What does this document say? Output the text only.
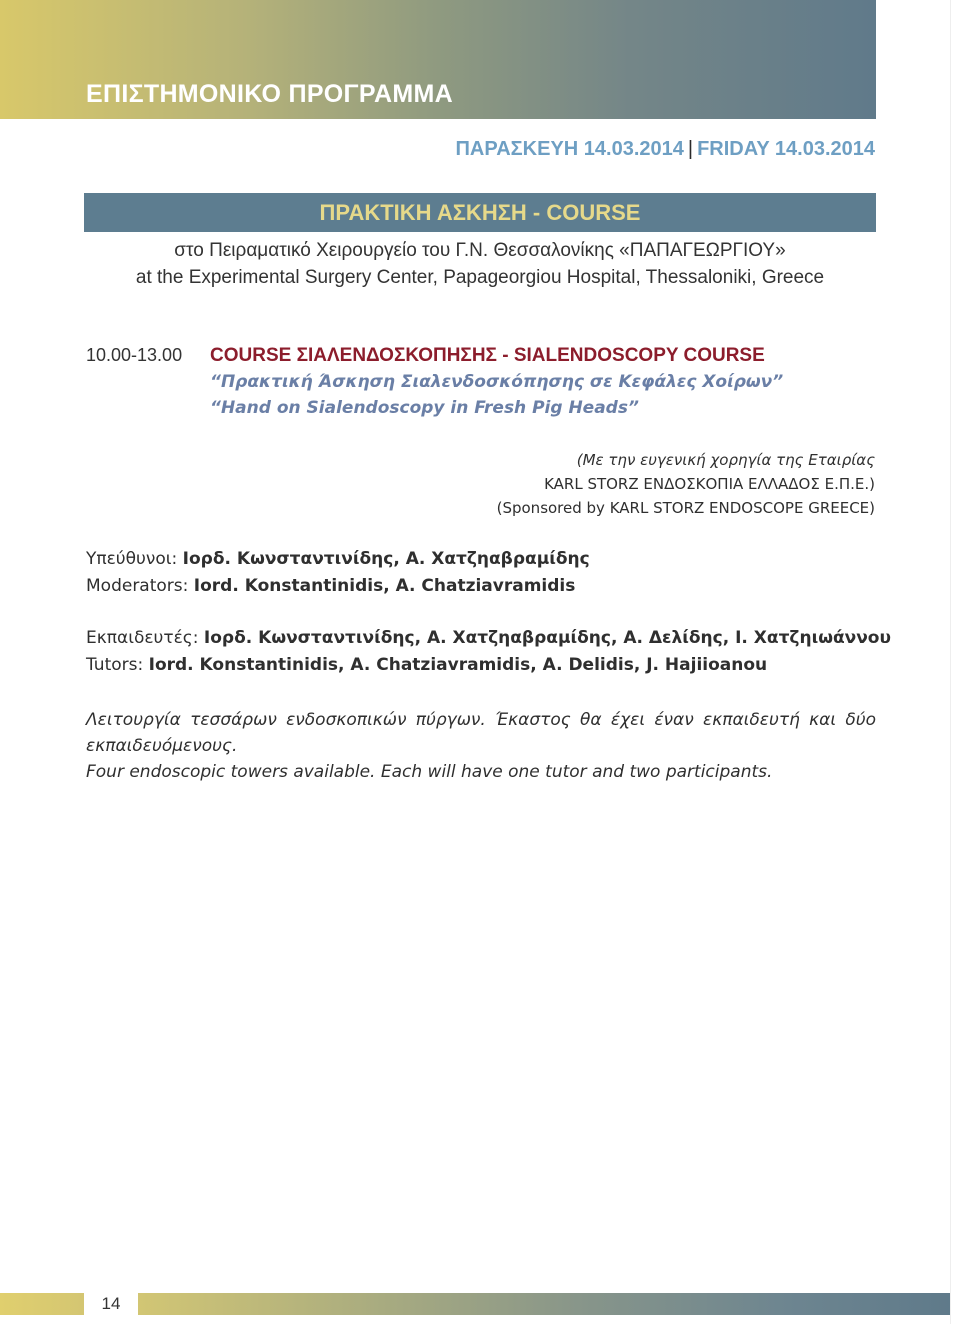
ΕΠΙΣΤΗΜΟΝΙΚΟ ΠΡΟΓΡΑΜΜΑ
ΠΑΡΑΣΚΕΥΗ 14.03.2014 | FRIDAY 14.03.2014
ΠΡΑΚΤΙΚΗ ΑΣΚΗΣΗ - COURSE
στο Πειραματικό Χειρουργείο του Γ.Ν. Θεσσαλονίκης «ΠΑΠΑΓΕΩΡΓΙΟΥ»
at the Experimental Surgery Center, Papageorgiou Hospital, Thessaloniki, Greece
10.00-13.00 COURSE ΣΙΑΛΕΝΔΟΣΚΟΠΗΣΗΣ - SIALENDOSCOPY COURSE
“Πρακτική Άσκηση Σιαλενδοσκόπησης σε Κεφάλες Χοίρων”
“Hand on Sialendoscopy in Fresh Pig Heads”
(Με την ευγενική χορηγία της Εταιρίας
KARL STORZ ΕΝΔΟΣΚΟΠΙΑ ΕΛΛΑΔΟΣ Ε.Π.Ε.)
(Sponsored by KARL STORZ ENDOSCOPE GREECE)
Υπεύθυνοι: Ιορδ. Κωνσταντινίδης, Α. Χατζηαβραμίδης
Moderators: Iord. Konstantinidis, A. Chatziavramidis
Εκπαιδευτές: Ιορδ. Κωνσταντινίδης, Α. Χατζηαβραμίδης, Α. Δελίδης, Ι. Χατζηιωάννου
Tutors: Iord. Konstantinidis, A. Chatziavramidis, A. Delidis, J. Hajiioanou
Λειτουργία τεσσάρων ενδοσκοπικών πύργων. Έκαστος θα έχει έναν εκπαιδευτή και δύο
εκπαιδευόμενους.
Four endoscopic towers available. Each will have one tutor and two participants.
14
